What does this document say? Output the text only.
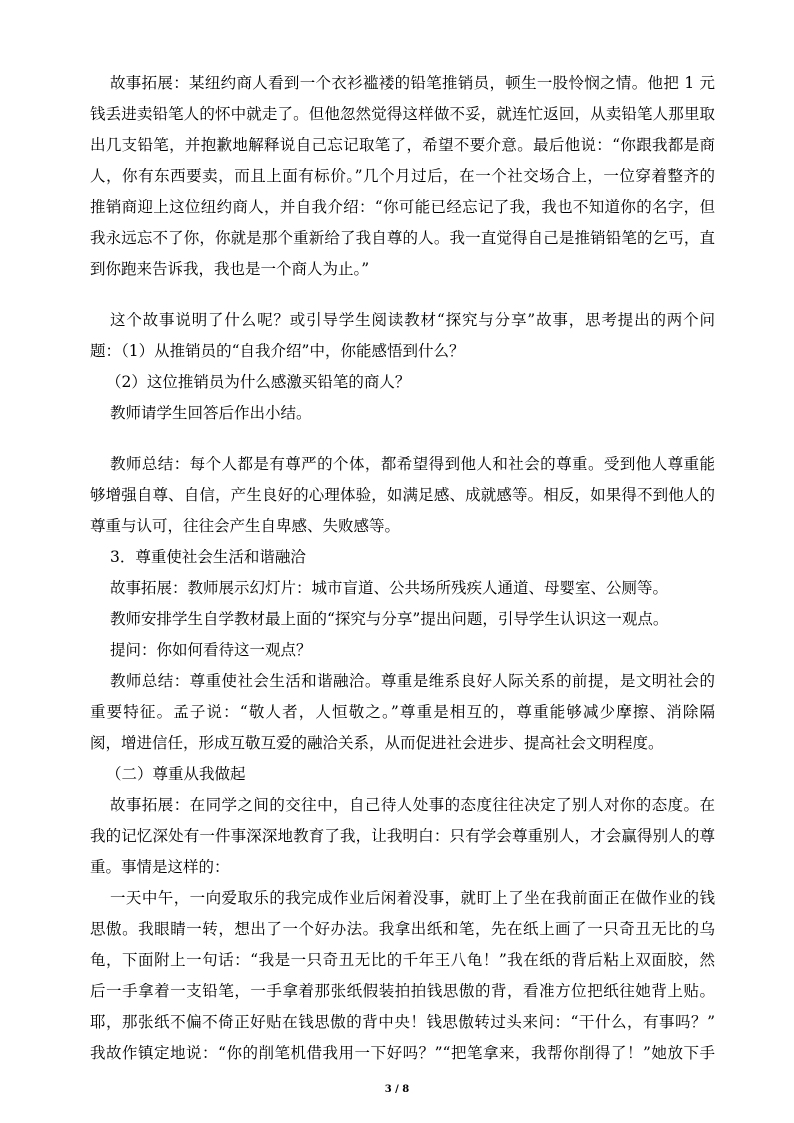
故事拓展：某纽约商人看到一个衣衫褴褛的铅笔推销员，顿生一股怜悯之情。他把 1 元
钱丢进卖铅笔人的怀中就走了。但他忽然觉得这样做不妥，就连忙返回，从卖铅笔人那里取
出几支铅笔，并抱歉地解释说自己忘记取笔了，希望不要介意。最后他说：“你跟我都是商
人，你有东西要卖，而且上面有标价。”几个月过后，在一个社交场合上，一位穿着整齐的
推销商迎上这位纽约商人，并自我介绍：“你可能已经忘记了我，我也不知道你的名字，但
我永远忘不了你，你就是那个重新给了我自尊的人。我一直觉得自己是推销铅笔的乞丐，直
到你跑来告诉我，我也是一个商人为止。”
这个故事说明了什么呢？或引导学生阅读教材“探究与分享”故事，思考提出的两个问
题：（1）从推销员的“自我介绍”中，你能感悟到什么？
（2）这位推销员为什么感激买铅笔的商人？
教师请学生回答后作出小结。
教师总结：每个人都是有尊严的个体，都希望得到他人和社会的尊重。受到他人尊重能
够增强自尊、自信，产生良好的心理体验，如满足感、成就感等。相反，如果得不到他人的
尊重与认可，往往会产生自卑感、失败感等。
3．尊重使社会生活和谐融洽
故事拓展：教师展示幻灯片：城市盲道、公共场所残疾人通道、母婴室、公厕等。
教师安排学生自学教材最上面的“探究与分享”提出问题，引导学生认识这一观点。
提问：你如何看待这一观点？
教师总结：尊重使社会生活和谐融洽。尊重是维系良好人际关系的前提，是文明社会的
重要特征。孟子说：“敬人者，人恒敬之。”尊重是相互的，尊重能够减少摩擦、消除隔
阂，增进信任，形成互敬互爱的融洽关系，从而促进社会进步、提高社会文明程度。
（二）尊重从我做起
故事拓展：在同学之间的交往中，自己待人处事的态度往往决定了别人对你的态度。在
我的记忆深处有一件事深深地教育了我，让我明白：只有学会尊重别人，才会赢得别人的尊
重。事情是这样的：
一天中午，一向爱取乐的我完成作业后闲着没事，就盯上了坐在我前面正在做作业的钱
思傲。我眼睛一转，想出了一个好办法。我拿出纸和笔，先在纸上画了一只奇丑无比的乌
龟，下面附上一句话：“我是一只奇丑无比的千年王八龟！”我在纸的背后粘上双面胶，然
后一手拿着一支铅笔，一手拿着那张纸假装拍拍钱思傲的背，看准方位把纸往她背上贴。
耶，那张纸不偏不倚正好贴在钱思傲的背中央！钱思傲转过头来问：“干什么，有事吗？”
我故作镇定地说：“你的削笔机借我用一下好吗？”“把笔拿来，我帮你削得了！”她放下手
3 / 8
